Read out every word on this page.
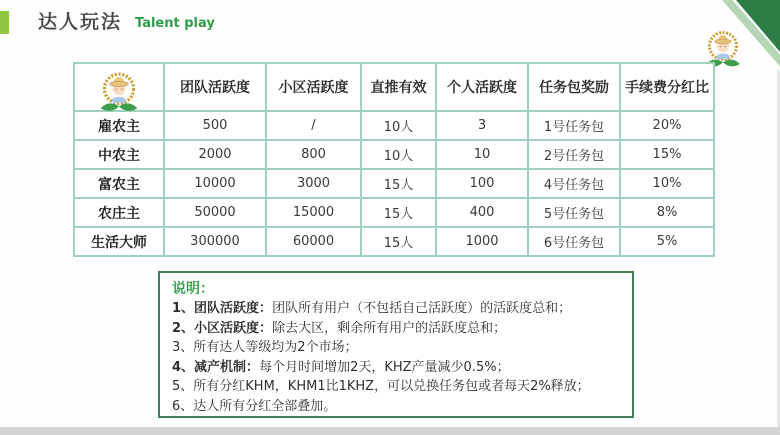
达人玩法 Talent play
	团队活跃度	小区活跃度	直推有效	个人活跃度	任务包奖励	手续费分红比
雇农主	500	/	10人	3	1号任务包	20%
中农主	2000	800	10人	10	2号任务包	15%
富农主	10000	3000	15人	100	4号任务包	10%
农庄主	50000	15000	15人	400	5号任务包	8%
生活大师	300000	60000	15人	1000	6号任务包	5%
说明：
1、团队活跃度：团队所有用户（不包括自己活跃度）的活跃度总和；
2、小区活跃度：除去大区，剩余所有用户的活跃度总和；
3、所有达人等级均为2个市场；
4、减产机制：每个月时间增加2天，KHZ产量减少0.5%；
5、所有分红KHM，KHM1比1KHZ，可以兑换任务包或者每天2%释放；
6、达人所有分红全部叠加。
